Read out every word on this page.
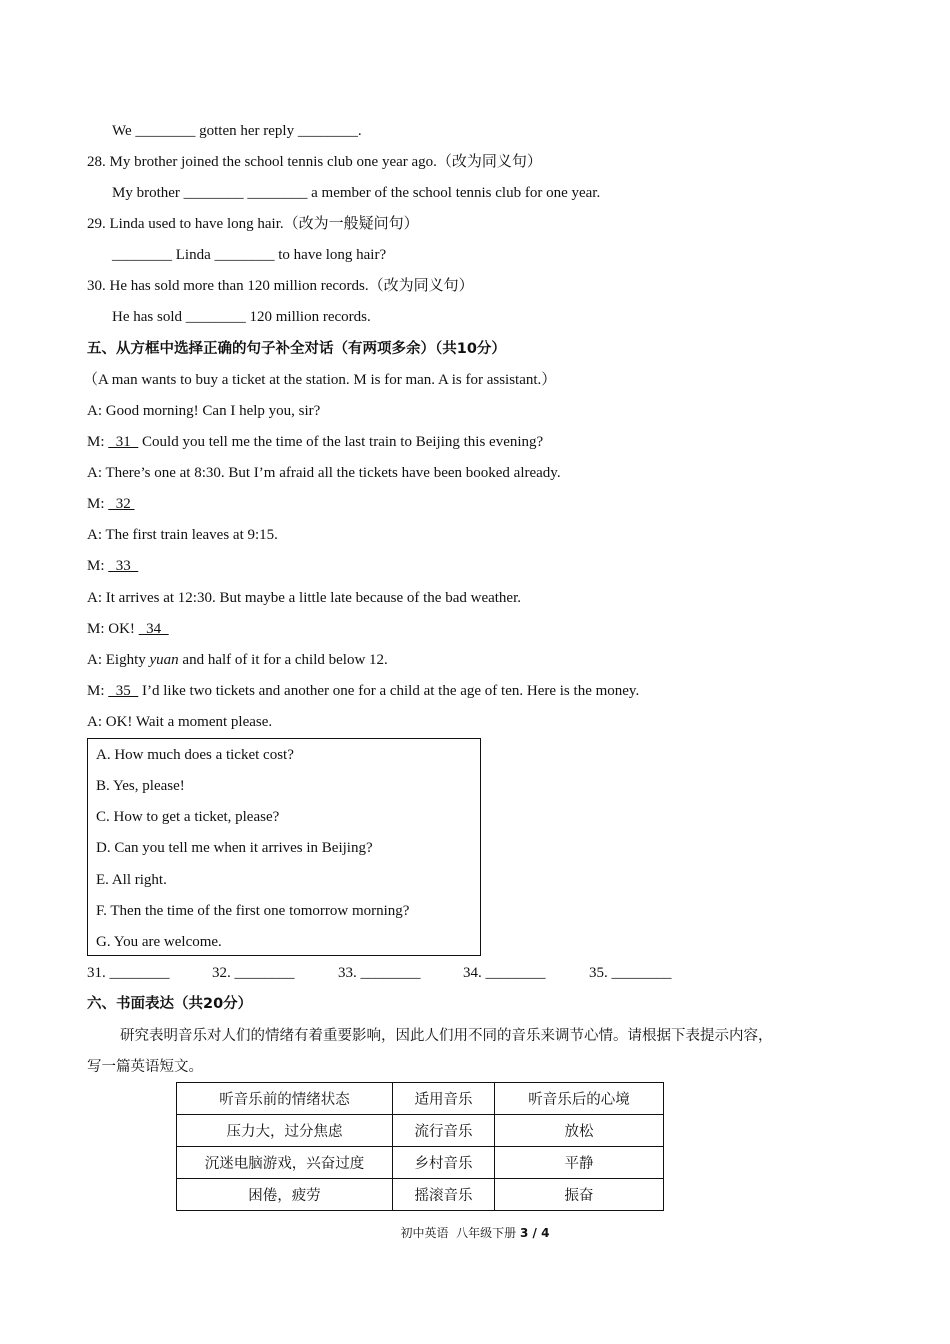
We ________ gotten her reply ________.
28. My brother joined the school tennis club one year ago.（改为同义句）
My brother ________ ________ a member of the school tennis club for one year.
29. Linda used to have long hair.（改为一般疑问句）
________ Linda ________ to have long hair?
30. He has sold more than 120 million records.（改为同义句）
He has sold ________ 120 million records.
五、从方框中选择正确的句子补全对话（有两项多余）（共10分）
（A man wants to buy a ticket at the station. M is for man. A is for assistant.）
A: Good morning! Can I help you, sir?
M:   31   Could you tell me the time of the last train to Beijing this evening?
A: There’s one at 8:30. But I’m afraid all the tickets have been booked already.
M:   32
A: The first train leaves at 9:15.
M:   33
A: It arrives at 12:30. But maybe a little late because of the bad weather.
M: OK!   34
A: Eighty yuan and half of it for a child below 12.
M:   35   I’d like two tickets and another one for a child at the age of ten. Here is the money.
A: OK! Wait a moment please.
A. How much does a ticket cost?
B. Yes, please!
C. How to get a ticket, please?
D. Can you tell me when it arrives in Beijing?
E. All right.
F. Then the time of the first one tomorrow morning?
G. You are welcome.
31. ________	32. ________	33. ________	34. ________	35. ________
六、书面表达（共20分）
研究表明音乐对人们的情绪有着重要影响，因此人们用不同的音乐来调节心情。请根据下表提示内容，
写一篇英语短文。
听音乐前的情绪状态	适用音乐	听音乐后的心境
压力大，过分焦虑	流行音乐	放松
沉迷电脑游戏，兴奋过度	乡村音乐	平静
困倦，疲劳	摇滚音乐	振奋
初中英语  八年级下册 3 / 4
